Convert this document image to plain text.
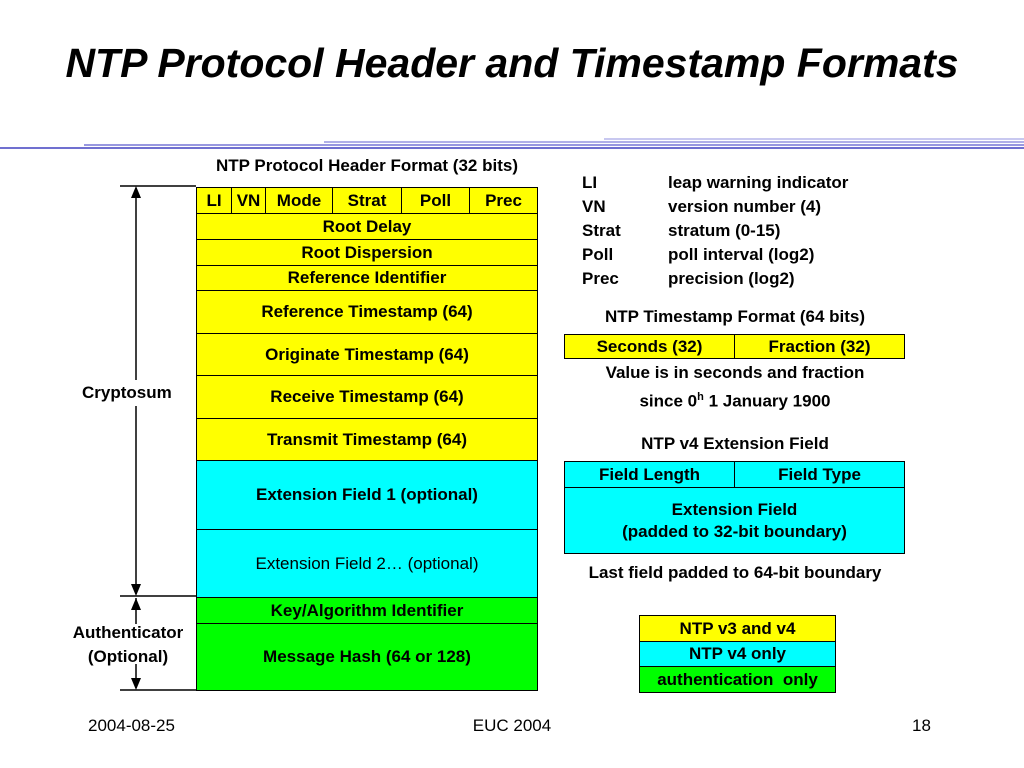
NTP Protocol Header and Timestamp Formats
NTP Protocol Header Format (32 bits)
Cryptosum
Authenticator
(Optional)
LI VN Mode	Strat	Poll	Prec
Root Delay
Root Dispersion
Reference Identifier
Reference Timestamp (64)
Originate Timestamp (64)
Receive Timestamp (64)
Transmit Timestamp (64)
Extension Field 1 (optional)
Extension Field 2… (optional)
Key/Algorithm Identifier
Message Hash (64 or 128)
LI	leap warning indicator
VN	version number (4)
Strat	stratum (0-15)
Poll	poll interval (log2)
Prec	precision (log2)
NTP Timestamp Format (64 bits)
Seconds (32)	Fraction (32)
Value is in seconds and fraction
since 0$^h$ 1 January 1900
NTP v4 Extension Field
Field Length	Field Type
Extension Field
(padded to 32-bit boundary)
Last field padded to 64-bit boundary
NTP v3 and v4
NTP v4 only
authentication  only
2004-08-25	EUC 2004	18
